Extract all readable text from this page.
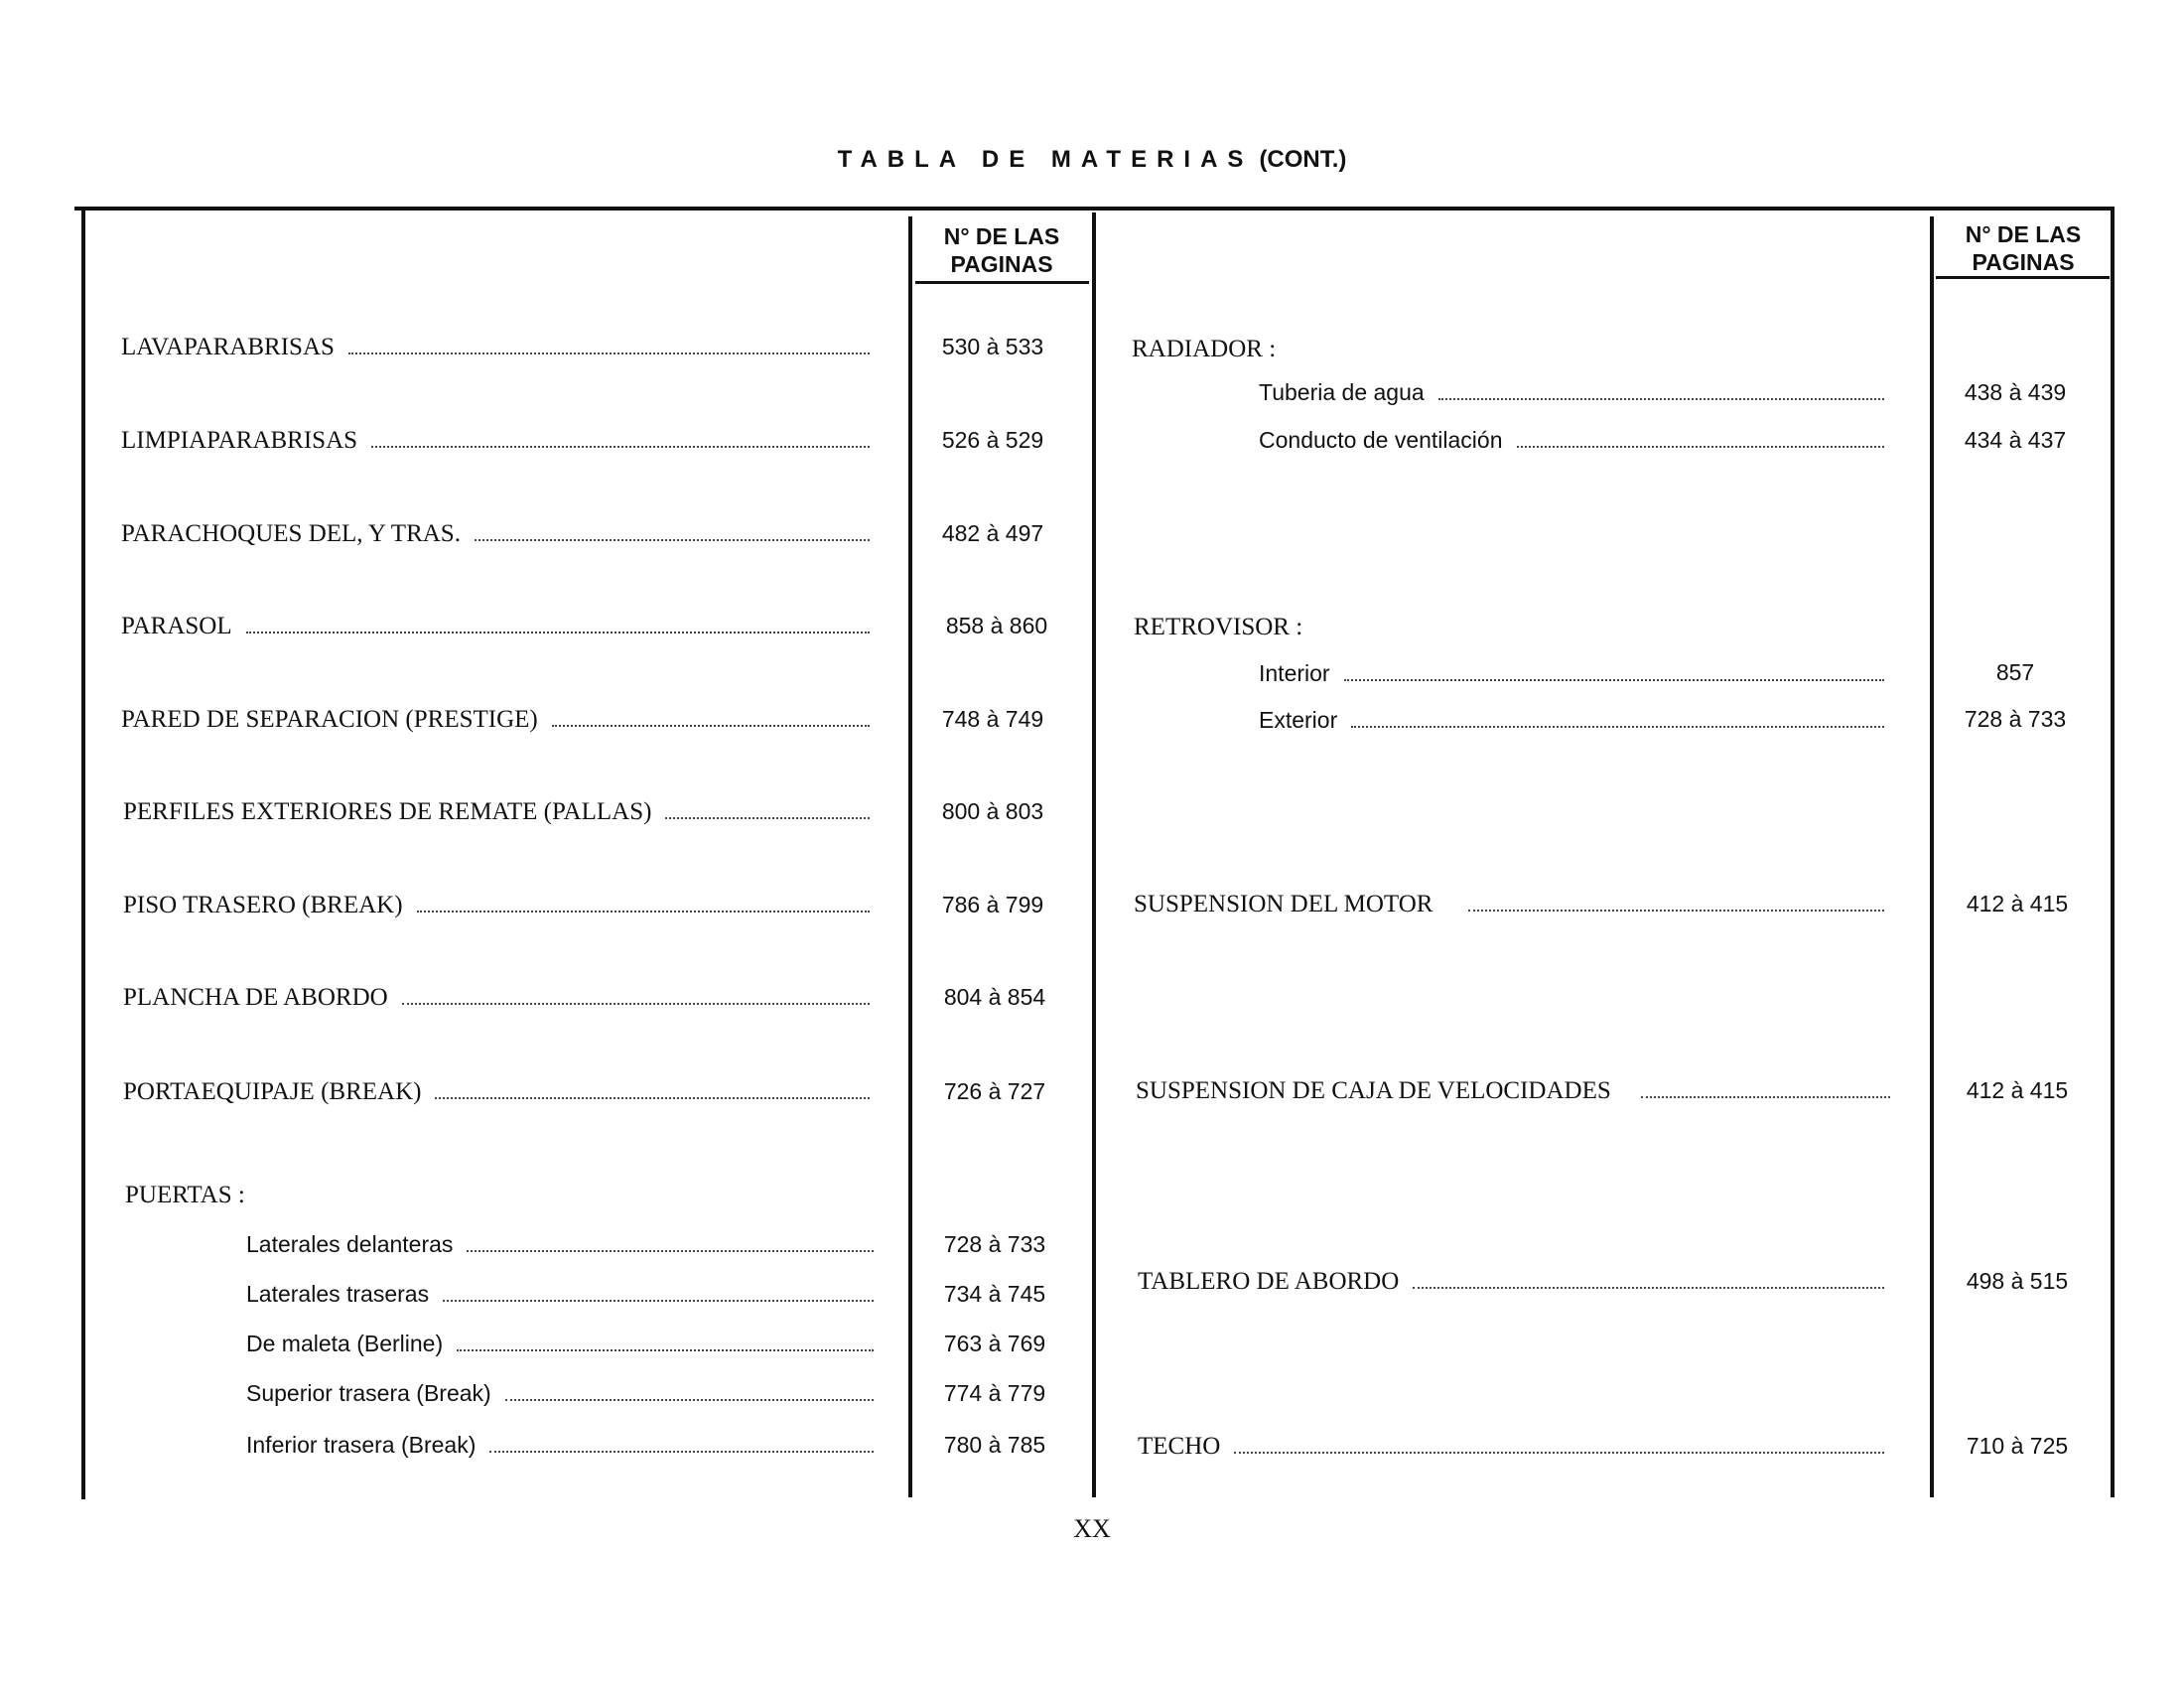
TABLA DE MATERIAS (CONT.)
N° DE LAS
PAGINAS
N° DE LAS
PAGINAS
LAVAPARABRISAS	530 à 533
LIMPIAPARABRISAS	526 à 529
PARACHOQUES DEL, Y TRAS.	482 à 497
PARASOL	858 à 860
PARED DE SEPARACION (PRESTIGE)	748 à 749
PERFILES EXTERIORES DE REMATE (PALLAS)	800 à 803
PISO TRASERO (BREAK)	786 à 799
PLANCHA DE ABORDO	804 à 854
PORTAEQUIPAJE (BREAK)	726 à 727
PUERTAS :
Laterales delanteras	728 à 733
Laterales traseras	734 à 745
De maleta (Berline)	763 à 769
Superior trasera (Break)	774 à 779
Inferior trasera (Break)	780 à 785
RADIADOR :
Tuberia de agua	438 à 439
Conducto de ventilación	434 à 437
RETROVISOR :
Interior	857
Exterior	728 à 733
SUSPENSION DEL MOTOR	412 à 415
SUSPENSION DE CAJA DE VELOCIDADES	412 à 415
TABLERO DE ABORDO	498 à 515
TECHO	710 à 725
XX
